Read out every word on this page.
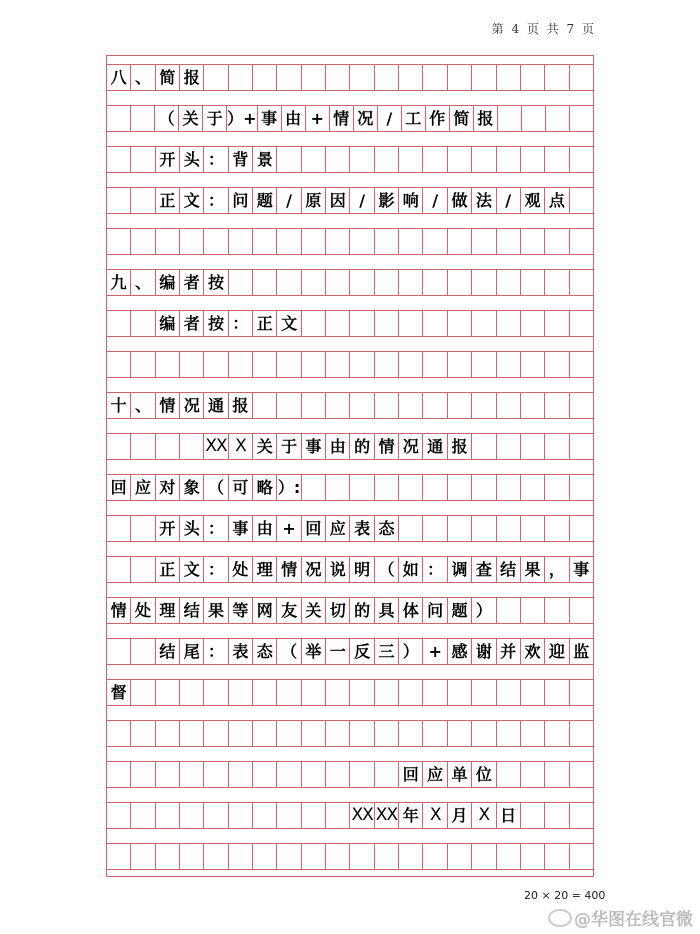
第 4 页 共 7 页
八 、 简 报
（ 关 于 ）+ 事 由 + 情 况 / 工 作 简 报
开 头 ： 背 景
正 文 ： 问 题 / 原 因 / 影 响 / 做 法 / 观 点
九 、 编 者 按
编 者 按 ： 正 文
十 、 情 况 通 报
XX X 关 于 事 由 的 情 况 通 报
回 应 对 象 （ 可 略 ）:
开 头 ： 事 由 + 回 应 表 态
正 文 ： 处 理 情 况 说 明 （ 如 ： 调 查 结 果 ， 事
情 处 理 结 果 等 网 友 关 切 的 具 体 问 题 ）
结 尾 ： 表 态 （ 举 一 反 三 ） + 感 谢 并 欢 迎 监
督
回 应 单 位
XX XX 年 X 月 X 日
20 × 20 = 400
@华图在线官微
